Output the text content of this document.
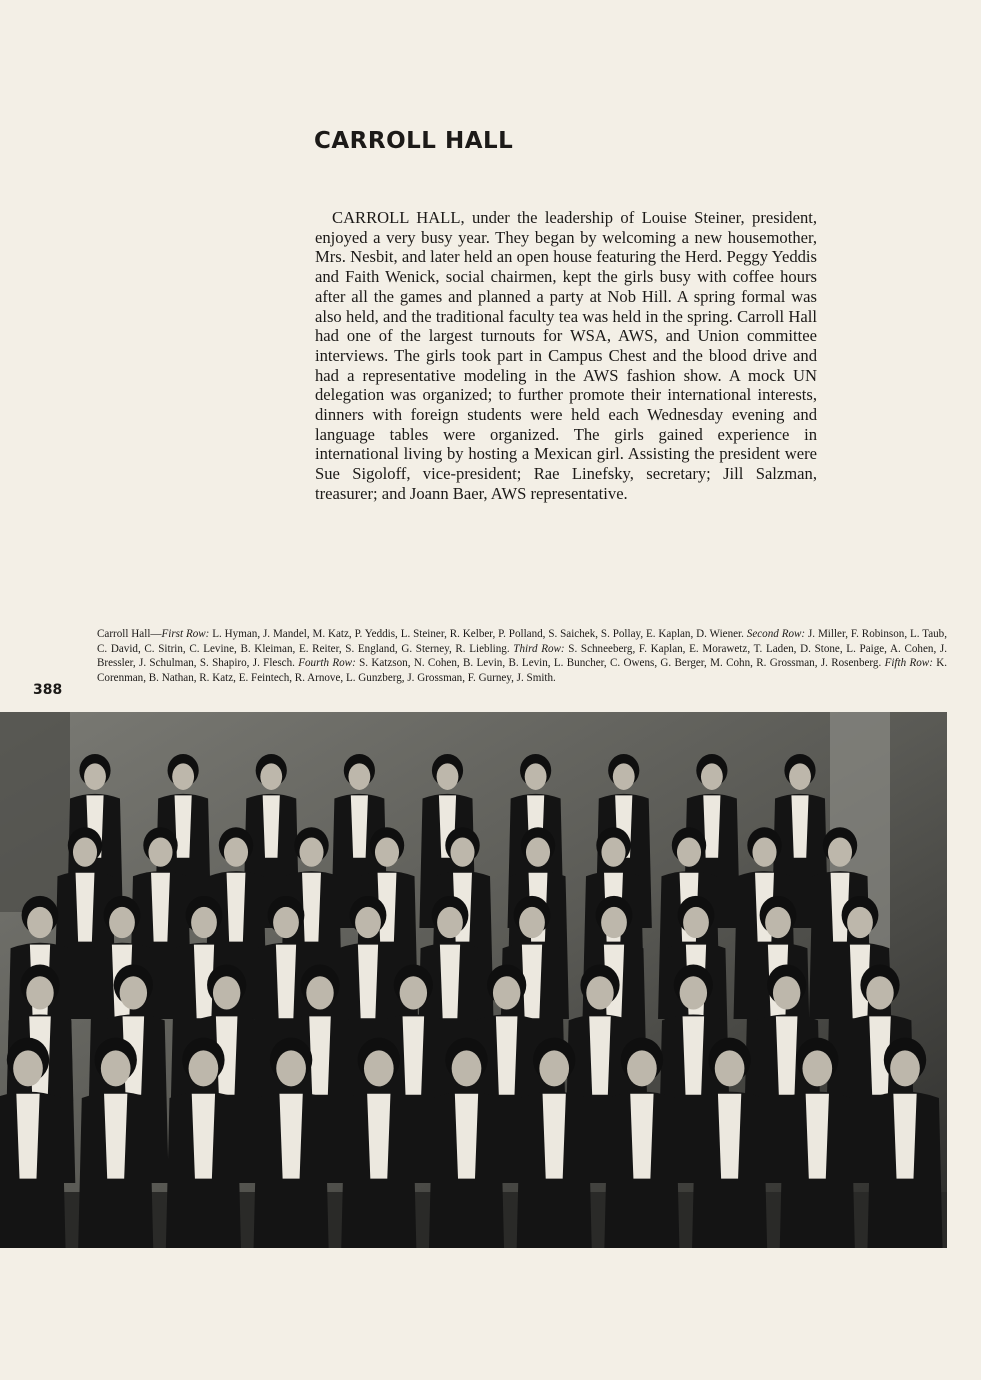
CARROLL HALL

CARROLL HALL, under the leadership of Louise Steiner, president, enjoyed a very busy year. They began by welcoming a new housemother, Mrs. Nesbit, and later held an open house featuring the Herd. Peggy Yeddis and Faith Wenick, social chairmen, kept the girls busy with coffee hours after all the games and planned a party at Nob Hill. A spring formal was also held, and the traditional faculty tea was held in the spring. Carroll Hall had one of the largest turnouts for WSA, AWS, and Union committee interviews. The girls took part in Campus Chest and the blood drive and had a representative modeling in the AWS fashion show. A mock UN delegation was organized; to further promote their international interests, dinners with foreign students were held each Wednesday evening and language tables were organized. The girls gained experience in international living by hosting a Mexican girl. Assisting the president were Sue Sigoloff, vice-president; Rae Linefsky, secretary; Jill Salzman, treasurer; and Joann Baer, AWS representative.

Carroll Hall—First Row: L. Hyman, J. Mandel, M. Katz, P. Yeddis, L. Steiner, R. Kelber, P. Polland, S. Saichek, S. Pollay, E. Kaplan, D. Wiener. Second Row: J. Miller, F. Robinson, L. Taub, C. David, C. Sitrin, C. Levine, B. Kleiman, E. Reiter, S. England, G. Sterney, R. Liebling. Third Row: S. Schneeberg, F. Kaplan, E. Morawetz, T. Laden, D. Stone, L. Paige, A. Cohen, J. Bressler, J. Schulman, S. Shapiro, J. Flesch. Fourth Row: S. Katzson, N. Cohen, B. Levin, B. Levin, L. Buncher, C. Owens, G. Berger, M. Cohn, R. Grossman, J. Rosenberg. Fifth Row: K. Corenman, B. Nathan, R. Katz, E. Feintech, R. Arnove, L. Gunzberg, J. Grossman, F. Gurney, J. Smith.

388
